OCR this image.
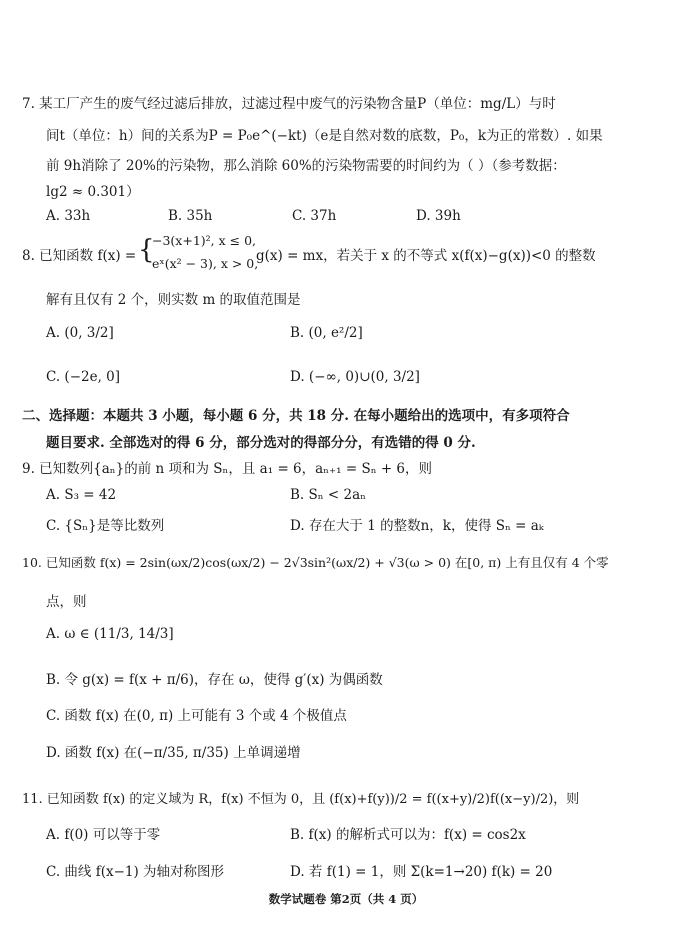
7. 某工厂产生的废气经过滤后排放，过滤过程中废气的污染物含量P（单位：mg/L）与时
间t（单位：h）间的关系为P = P₀e^(−kt)（e是自然对数的底数，P₀，k为正的常数）. 如果
前 9h消除了 20%的污染物，那么消除 60%的污染物需要的时间约为（ ）（参考数据：
lg2 ≈ 0.301）
A. 33h	B. 35h	C. 37h	D. 39h
8. 已知函数 f(x) = {
−3(x+1)², x ≤ 0,
eˣ(x² − 3), x > 0,
g(x) = mx，若关于 x 的不等式 x(f(x)−g(x))<0 的整数
解有且仅有 2 个，则实数 m 的取值范围是
A. (0, 3/2]	B. (0, e²/2]
C. (−2e, 0]	D. (−∞, 0)∪(0, 3/2]
二、选择题：本题共 3 小题，每小题 6 分，共 18 分. 在每小题给出的选项中，有多项符合
题目要求. 全部选对的得 6 分，部分选对的得部分分，有选错的得 0 分.
9. 已知数列{aₙ}的前 n 项和为 Sₙ，且 a₁ = 6，aₙ₊₁ = Sₙ + 6，则
A. S₃ = 42	B. Sₙ < 2aₙ
C. {Sₙ}是等比数列	D. 存在大于 1 的整数n，k，使得 Sₙ = aₖ
10. 已知函数 f(x) = 2sin(ωx/2)cos(ωx/2) − 2√3sin²(ωx/2) + √3(ω > 0) 在[0, π) 上有且仅有 4 个零
点，则
A. ω ∈ (11/3, 14/3]
B. 令 g(x) = f(x + π/6)，存在 ω，使得 g′(x) 为偶函数
C. 函数 f(x) 在(0, π) 上可能有 3 个或 4 个极值点
D. 函数 f(x) 在(−π/35, π/35) 上单调递增
11. 已知函数 f(x) 的定义域为 R，f(x) 不恒为 0，且 (f(x)+f(y))/2 = f((x+y)/2)f((x−y)/2)，则
A. f(0) 可以等于零	B. f(x) 的解析式可以为：f(x) = cos2x
C. 曲线 f(x−1) 为轴对称图形	D. 若 f(1) = 1，则 Σ(k=1→20) f(k) = 20
数学试题卷 第2页（共 4 页）
